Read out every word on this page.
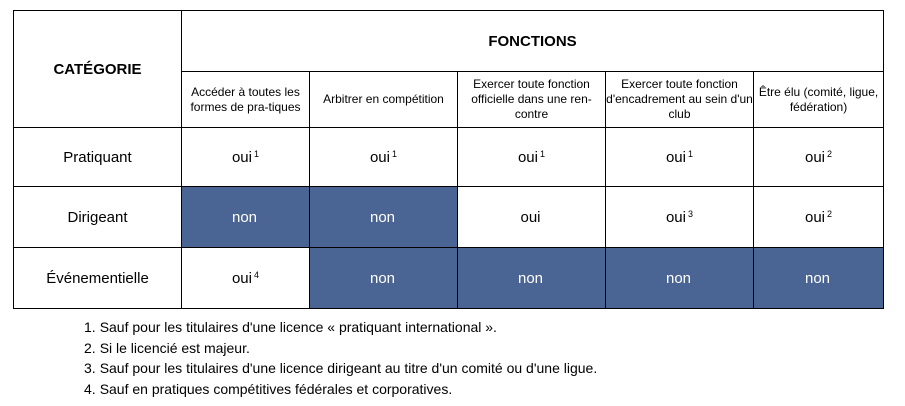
CATÉGORIE	FONCTIONS				
	Accéder à toutes les formes de pra-tiques	Arbitrer en compétition	Exercer toute fonction officielle dans une ren-contre	Exercer toute fonction d'encadrement au sein d'un club	Être élu (comité, ligue, fédération)
Pratiquant	oui $^1$	oui $^1$	oui $^1$	oui $^1$	oui $^2$
Dirigeant	non	non	oui	oui $^3$	oui $^2$
Événementielle	oui $^4$	non	non	non	non
1. Sauf pour les titulaires d'une licence « pratiquant international ».
2. Si le licencié est majeur.
3. Sauf pour les titulaires d'une licence dirigeant au titre d'un comité ou d'une ligue.
4. Sauf en pratiques compétitives fédérales et corporatives.
